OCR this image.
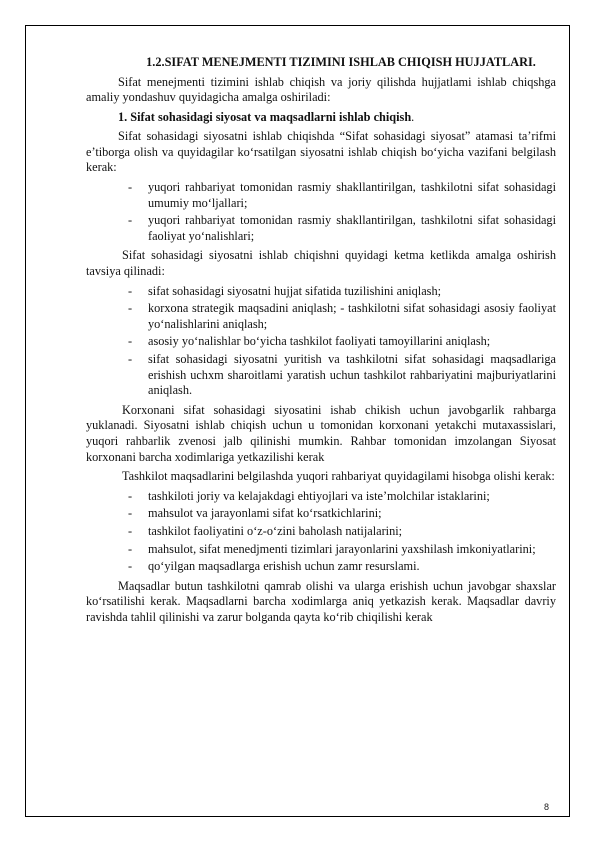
1.2.SIFAT MENEJMENTI TIZIMINI ISHLAB CHIQISH HUJJATLARI.

Sifat menejmenti tizimini ishlab chiqish va joriy qilishda hujjatlami ishlab chiqshga amaliy yondashuv quyidagicha amalga oshiriladi:

1. Sifat sohasidagi siyosat va maqsadlarni ishlab chiqish.

Sifat sohasidagi siyosatni ishlab chiqishda “Sifat sohasidagi siyosat” atamasi ta’rifmi e’tiborga olish va quyidagilar ko‘rsatilgan siyosatni ishlab chiqish bo‘yicha vazifani belgilash kerak:

- yuqori rahbariyat tomonidan rasmiy shakllantirilgan, tashkilotni sifat sohasidagi umumiy mo‘ljallari;
- yuqori rahbariyat tomonidan rasmiy shakllantirilgan, tashkilotni sifat sohasidagi faoliyat yo‘nalishlari;

Sifat sohasidagi siyosatni ishlab chiqishni quyidagi ketma ketlikda amalga oshirish tavsiya qilinadi:

- sifat sohasidagi siyosatni hujjat sifatida tuzilishini aniqlash;
- korxona strategik maqsadini aniqlash; - tashkilotni sifat sohasidagi asosiy faoliyat yo‘nalishlarini aniqlash;
- asosiy yo‘nalishlar bo‘yicha tashkilot faoliyati tamoyillarini aniqlash;
- sifat sohasidagi siyosatni yuritish va tashkilotni sifat sohasidagi maqsadlariga erishish uchxm sharoitlami yaratish uchun tashkilot rahbariyatini majburiyatlarini aniqlash.

Korxonani sifat sohasidagi siyosatini ishab chikish uchun javobgarlik rahbarga yuklanadi. Siyosatni ishlab chiqish uchun u tomonidan korxonani yetakchi mutaxassislari, yuqori rahbarlik zvenosi jalb qilinishi mumkin. Rahbar tomonidan imzolangan Siyosat korxonani barcha xodimlariga yetkazilishi kerak

Tashkilot maqsadlarini belgilashda yuqori rahbariyat quyidagilami hisobga olishi kerak:

- tashkiloti joriy va kelajakdagi ehtiyojlari va iste’molchilar istaklarini;
- mahsulot va jarayonlami sifat ko‘rsatkichlarini;
- tashkilot faoliyatini o‘z-o‘zini baholash natijalarini;
- mahsulot, sifat menedjmenti tizimlari jarayonlarini yaxshilash imkoniyatlarini;
- qo‘yilgan maqsadlarga erishish uchun zamr resurslami.

Maqsadlar butun tashkilotni qamrab olishi va ularga erishish uchun javobgar shaxslar ko‘rsatilishi kerak. Maqsadlarni barcha xodimlarga aniq yetkazish kerak. Maqsadlar davriy ravishda tahlil qilinishi va zarur bolganda qayta ko‘rib chiqilishi kerak

8
